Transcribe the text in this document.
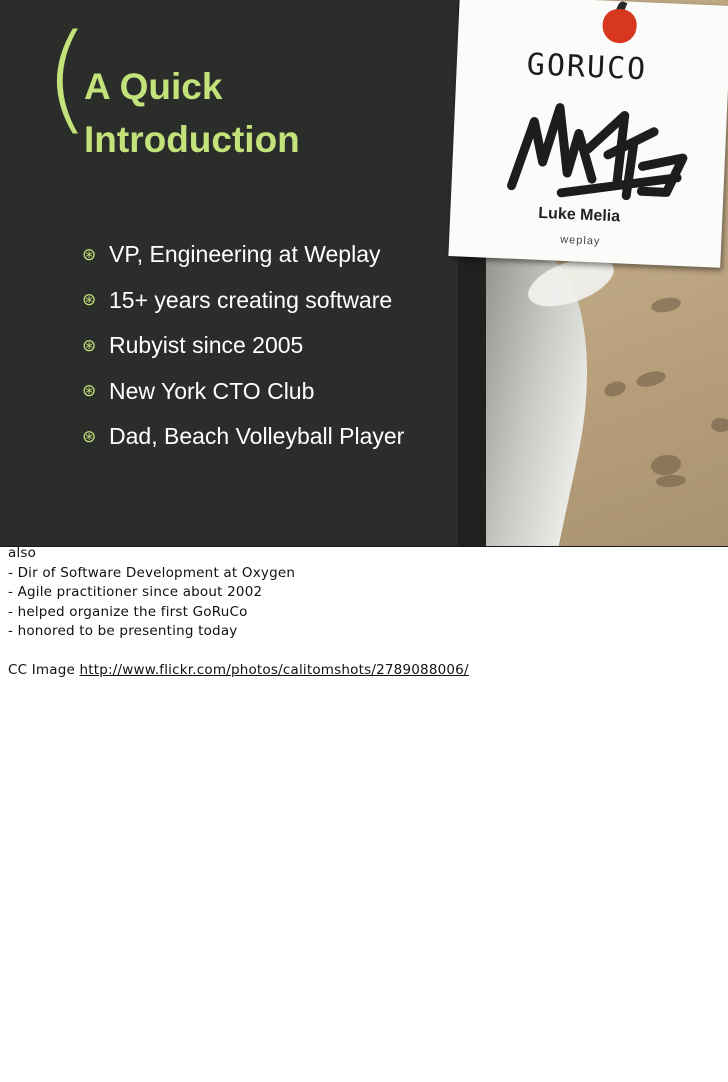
(
A Quick
Introduction
⊛ VP, Engineering at Weplay
⊛ 15+ years creating software
⊛ Rubyist since 2005
⊛ New York CTO Club
⊛ Dad, Beach Volleyball Player
GORUCO
Luke Melia
weplay
also
- Dir of Software Development at Oxygen
- Agile practitioner since about 2002
- helped organize the first GoRuCo
- honored to be presenting today
CC Image http://www.flickr.com/photos/calitomshots/2789088006/
